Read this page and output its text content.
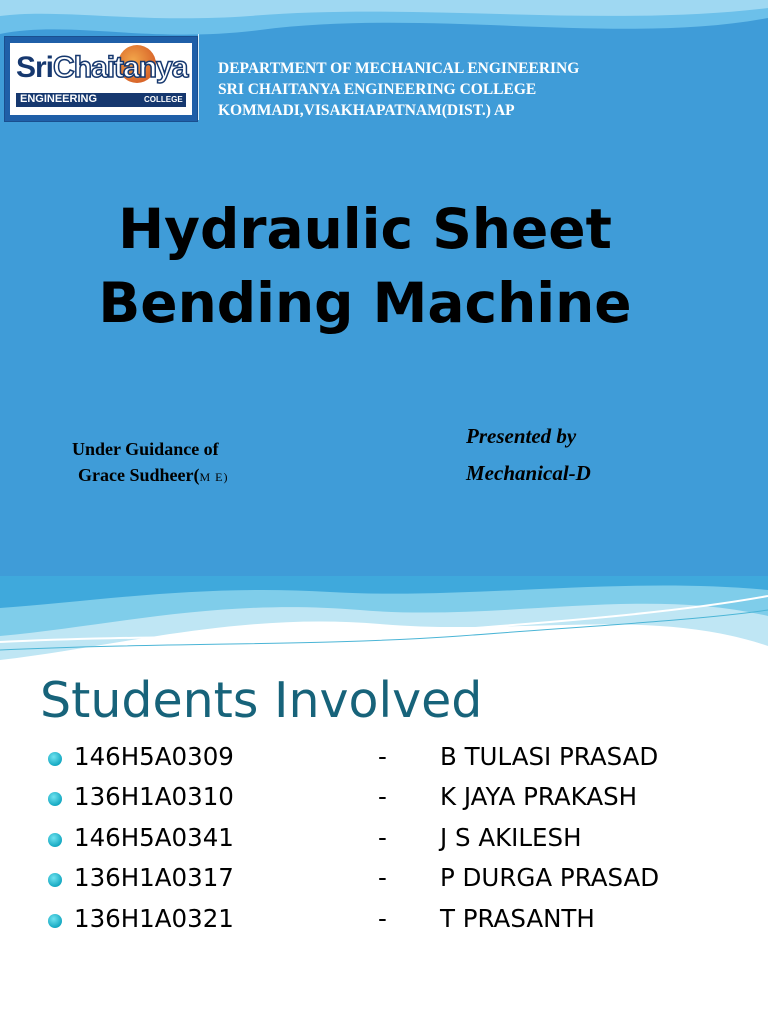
SriChaitanya
ENGINEERING	COLLEGE
DEPARTMENT OF MECHANICAL ENGINEERING
SRI CHAITANYA ENGINEERING COLLEGE
KOMMADI,VISAKHAPATNAM(DIST.) AP
Hydraulic Sheet
Bending Machine
Under Guidance of
Grace Sudheer(M E)
Presented by
Mechanical-D
Students Involved
146H5A0309	- B TULASI PRASAD
136H1A0310	- K JAYA PRAKASH
146H5A0341	- J S AKILESH
136H1A0317	- P DURGA PRASAD
136H1A0321	- T PRASANTH
